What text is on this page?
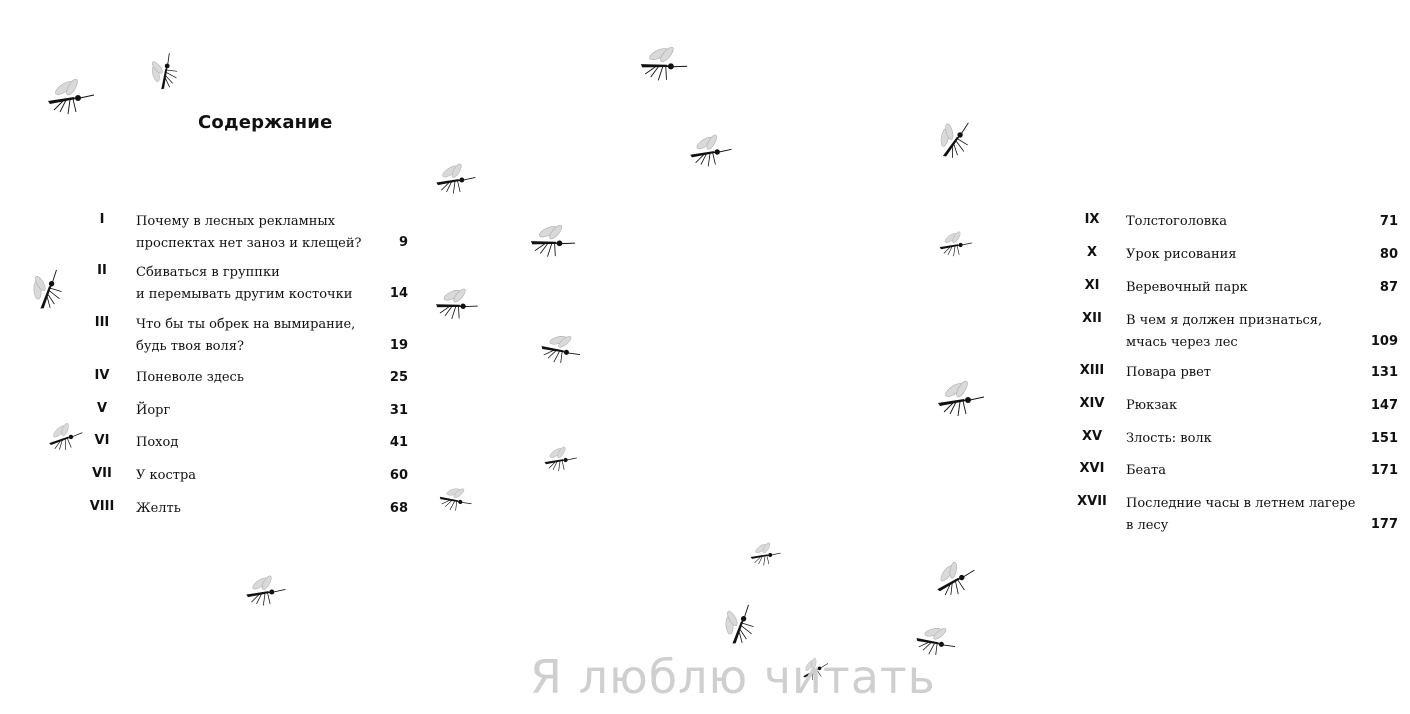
Содержание
I	Почему в лесных рекламных
проспектах нет заноз и клещей?	9
II	Сбиваться в группки
и перемывать другим косточки	14
III	Что бы ты обрек на вымирание,
будь твоя воля?	19
IV	Поневоле здесь	25
V	Йорг	31
VI	Поход	41
VII	У костра	60
VIII	Желть	68
IX	Толстоголовка	71
X	Урок рисования	80
XI	Веревочный парк	87
XII	В чем я должен признаться,
мчась через лес	109
XIII	Повара рвет	131
XIV	Рюкзак	147
XV	Злость: волк	151
XVI	Беата	171
XVII	Последние часы в летнем лагере
в лесу	177
Я люблю читать
